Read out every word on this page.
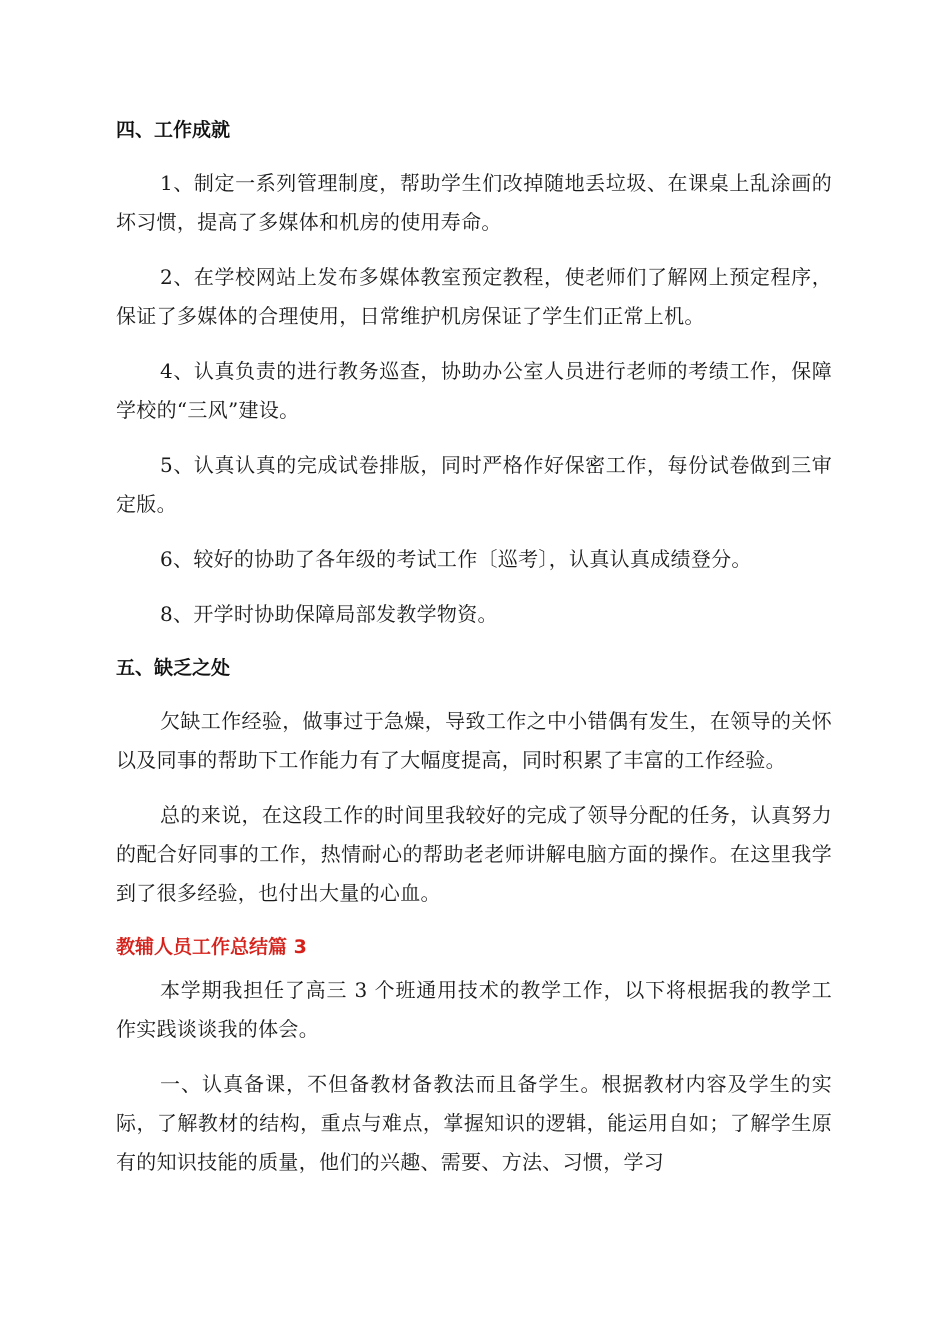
四、工作成就

1、制定一系列管理制度，帮助学生们改掉随地丢垃圾、在课桌上乱涂画的坏习惯，提高了多媒体和机房的使用寿命。

2、在学校网站上发布多媒体教室预定教程，使老师们了解网上预定程序，保证了多媒体的合理使用，日常维护机房保证了学生们正常上机。

4、认真负责的进行教务巡查，协助办公室人员进行老师的考绩工作，保障学校的“三风”建设。

5、认真认真的完成试卷排版，同时严格作好保密工作，每份试卷做到三审定版。

6、较好的协助了各年级的考试工作〔巡考〕，认真认真成绩登分。

8、开学时协助保障局部发教学物资。

五、缺乏之处

欠缺工作经验，做事过于急燥，导致工作之中小错偶有发生，在领导的关怀以及同事的帮助下工作能力有了大幅度提高，同时积累了丰富的工作经验。

总的来说，在这段工作的时间里我较好的完成了领导分配的任务，认真努力的配合好同事的工作，热情耐心的帮助老老师讲解电脑方面的操作。在这里我学到了很多经验，也付出大量的心血。

教辅人员工作总结篇 3

本学期我担任了高三 3 个班通用技术的教学工作，以下将根据我的教学工作实践谈谈我的体会。

一、认真备课，不但备教材备教法而且备学生。根据教材内容及学生的实际，了解教材的结构，重点与难点，掌握知识的逻辑，能运用自如；了解学生原有的知识技能的质量，他们的兴趣、需要、方法、习惯，学习
